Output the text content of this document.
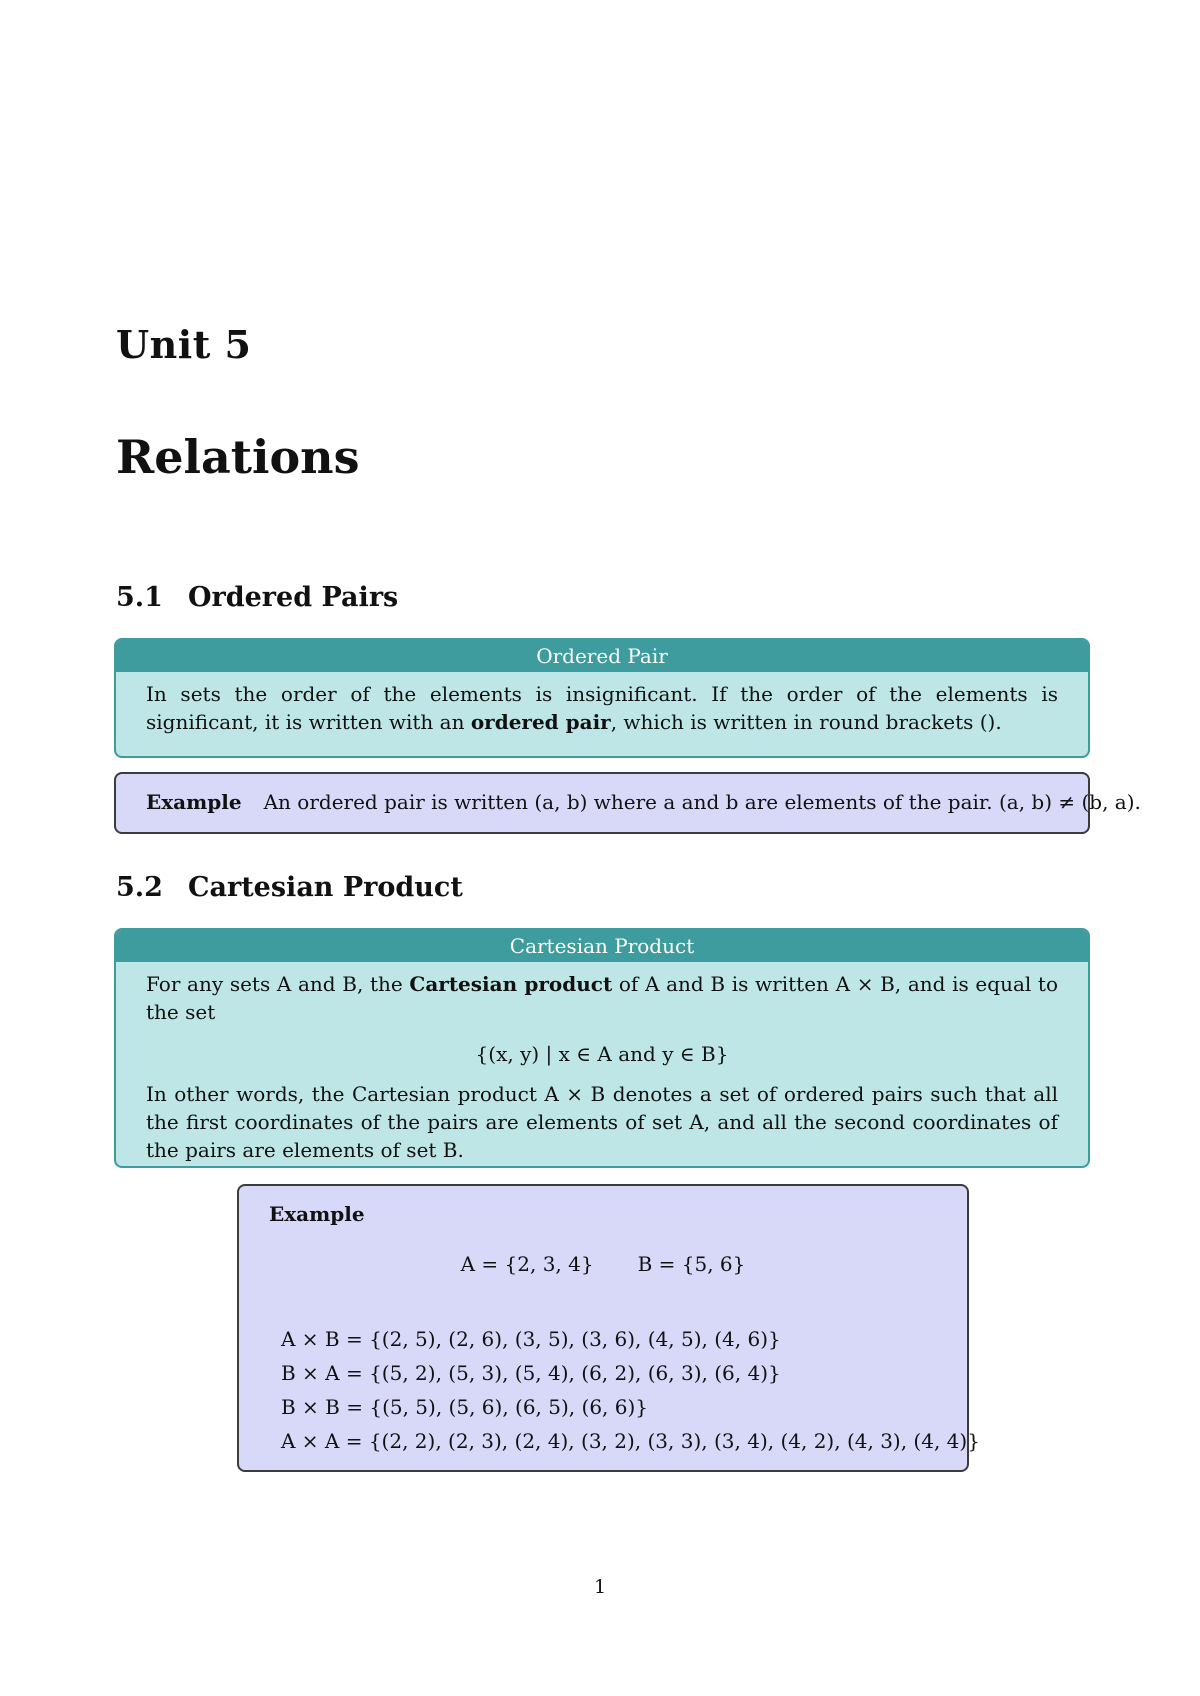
Unit 5
Relations
5.1 Ordered Pairs
Ordered Pair
In sets the order of the elements is insignificant. If the order of the elements is significant, it is written with an ordered pair, which is written in round brackets ().
Example An ordered pair is written (a, b) where a and b are elements of the pair. (a, b) ≠ (b, a).
5.2 Cartesian Product
Cartesian Product

For any sets A and B, the Cartesian product of A and B is written A × B, and is equal to the set

{(x, y) | x ∈ A and y ∈ B}

In other words, the Cartesian product A × B denotes a set of ordered pairs such that all the first coordinates of the pairs are elements of set A, and all the second coordinates of the pairs are elements of set B.

Example
A = {2, 3, 4} B = {5, 6}
A × B = {(2, 5), (2, 6), (3, 5), (3, 6), (4, 5), (4, 6)}
B × A = {(5, 2), (5, 3), (5, 4), (6, 2), (6, 3), (6, 4)}
B × B = {(5, 5), (5, 6), (6, 5), (6, 6)}
A × A = {(2, 2), (2, 3), (2, 4), (3, 2), (3, 3), (3, 4), (4, 2), (4, 3), (4, 4)}
1
